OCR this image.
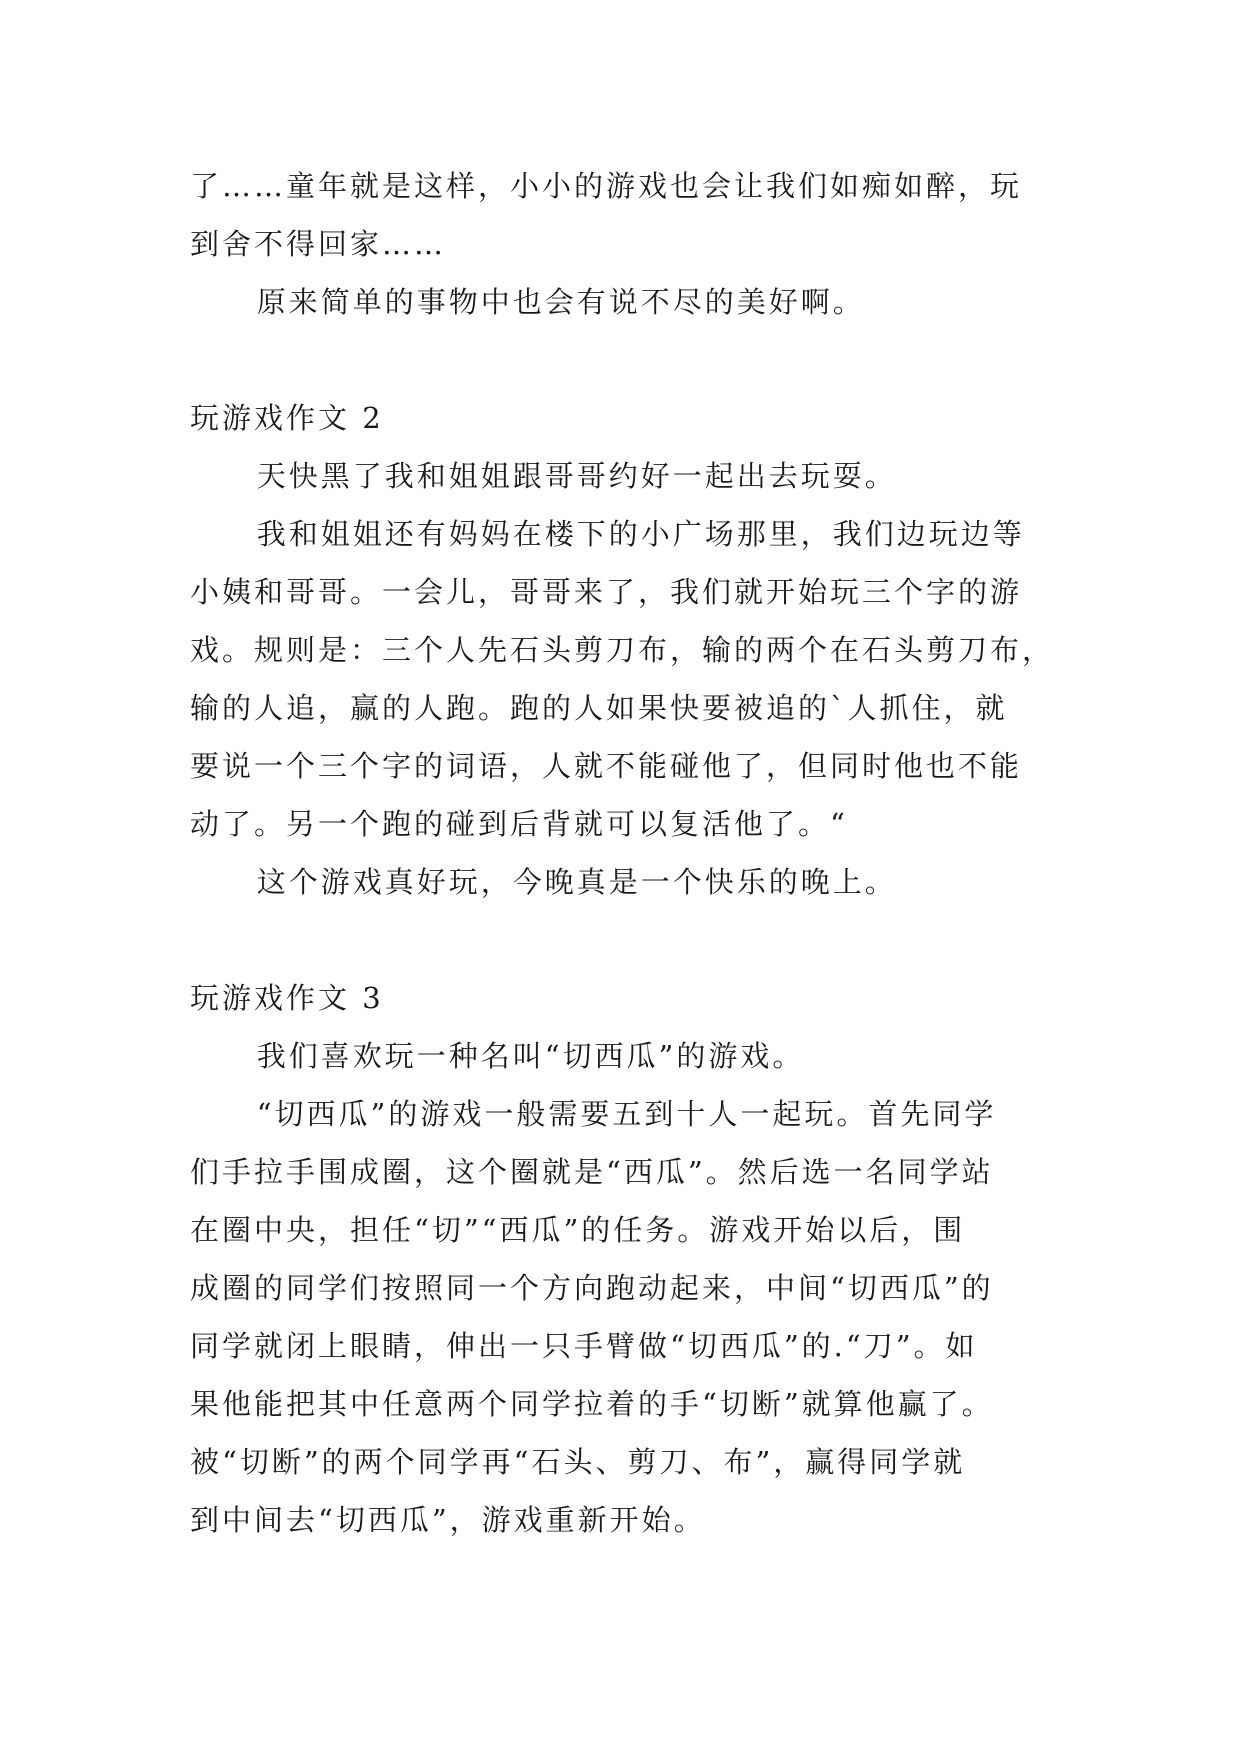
了……童年就是这样，小小的游戏也会让我们如痴如醉，玩
到舍不得回家……

原来简单的事物中也会有说不尽的美好啊。

玩游戏作文 2

天快黑了我和姐姐跟哥哥约好一起出去玩耍。

我和姐姐还有妈妈在楼下的小广场那里，我们边玩边等
小姨和哥哥。一会儿，哥哥来了，我们就开始玩三个字的游
戏。规则是：三个人先石头剪刀布，输的两个在石头剪刀布，
输的人追，赢的人跑。跑的人如果快要被追的`人抓住，就
要说一个三个字的词语，人就不能碰他了，但同时他也不能
动了。另一个跑的碰到后背就可以复活他了。“

这个游戏真好玩，今晚真是一个快乐的晚上。

玩游戏作文 3

我们喜欢玩一种名叫“切西瓜”的游戏。

“切西瓜”的游戏一般需要五到十人一起玩。首先同学
们手拉手围成圈，这个圈就是“西瓜”。然后选一名同学站
在圈中央，担任“切”“西瓜”的任务。游戏开始以后，围
成圈的同学们按照同一个方向跑动起来，中间“切西瓜”的
同学就闭上眼睛，伸出一只手臂做“切西瓜”的.“刀”。如
果他能把其中任意两个同学拉着的手“切断”就算他赢了。
被“切断”的两个同学再“石头、剪刀、布”，赢得同学就
到中间去“切西瓜”，游戏重新开始。
